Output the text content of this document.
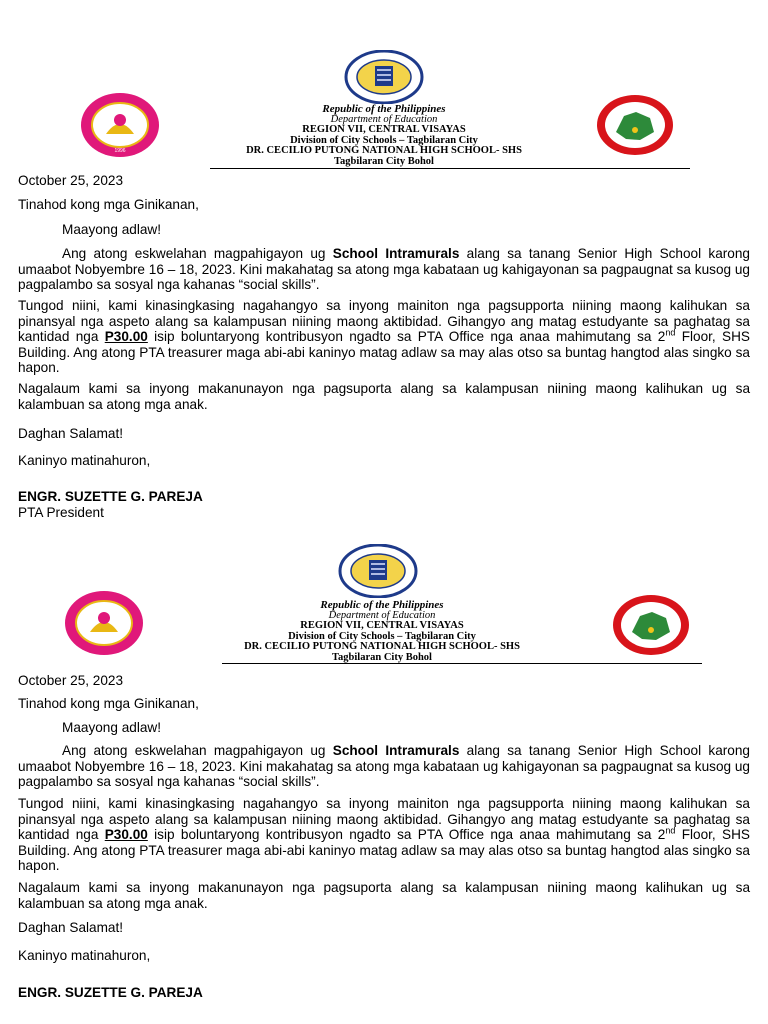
1996
Republic of the Philippines
Department of Education
REGION VII, CENTRAL VISAYAS
Division of City Schools – Tagbilaran City
DR. CECILIO PUTONG NATIONAL HIGH SCHOOL- SHS
Tagbilaran City Bohol

October 25, 2023

Tinahod kong mga Ginikanan,

Maayong adlaw!

Ang atong eskwelahan magpahigayon ug School Intramurals alang sa tanang Senior High School karong umaabot Nobyembre 16 – 18, 2023. Kini makahatag sa atong mga kabataan ug kahigayonan sa pagpaugnat sa kusog ug pagpalambo sa sosyal nga kahanas “social skills”.

Tungod niini, kami kinasingkasing nagahangyo sa inyong mainiton nga pagsupporta niining maong kalihukan sa pinansyal nga aspeto alang sa kalampusan niining maong aktibidad. Gihangyo ang matag estudyante sa paghatag sa kantidad nga P30.00 isip boluntaryong kontribusyon ngadto sa PTA Office nga anaa mahimutang sa 2nd Floor, SHS Building. Ang atong PTA treasurer maga abi-abi kaninyo matag adlaw sa may alas otso sa buntag hangtod alas singko sa hapon.

Nagalaum kami sa inyong makanunayon nga pagsuporta alang sa kalampusan niining maong kalihukan ug sa kalambuan sa atong mga anak.

Daghan Salamat!

Kaninyo matinahuron,

ENGR. SUZETTE G. PAREJA

PTA President

Republic of the Philippines
Department of Education
REGION VII, CENTRAL VISAYAS
Division of City Schools – Tagbilaran City
DR. CECILIO PUTONG NATIONAL HIGH SCHOOL- SHS
Tagbilaran City Bohol

October 25, 2023

Tinahod kong mga Ginikanan,

Maayong adlaw!

Ang atong eskwelahan magpahigayon ug School Intramurals alang sa tanang Senior High School karong umaabot Nobyembre 16 – 18, 2023. Kini makahatag sa atong mga kabataan ug kahigayonan sa pagpaugnat sa kusog ug pagpalambo sa sosyal nga kahanas “social skills”.

Tungod niini, kami kinasingkasing nagahangyo sa inyong mainiton nga pagsupporta niining maong kalihukan sa pinansyal nga aspeto alang sa kalampusan niining maong aktibidad. Gihangyo ang matag estudyante sa paghatag sa kantidad nga P30.00 isip boluntaryong kontribusyon ngadto sa PTA Office nga anaa mahimutang sa 2nd Floor, SHS Building. Ang atong PTA treasurer maga abi-abi kaninyo matag adlaw sa may alas otso sa buntag hangtod alas singko sa hapon.

Nagalaum kami sa inyong makanunayon nga pagsuporta alang sa kalampusan niining maong kalihukan ug sa kalambuan sa atong mga anak.

Daghan Salamat!

Kaninyo matinahuron,

ENGR. SUZETTE G. PAREJA
